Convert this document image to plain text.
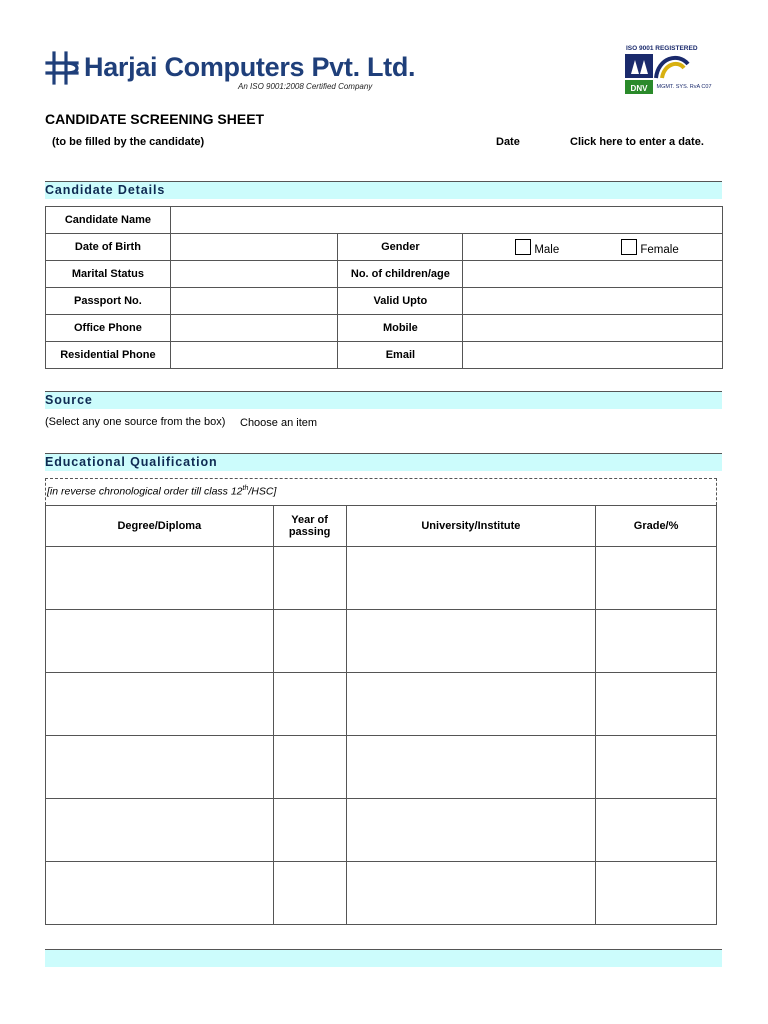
Harjai Computers Pvt. Ltd.
An ISO 9001:2008 Certified Company
ISO 9001 REGISTERED
DNV MGMT. SYS. RvA C07
CANDIDATE SCREENING SHEET
(to be filled by the candidate)	Date	Click here to enter a date.
Candidate Details
Candidate Name			
Date of Birth		Gender	Male Female
Marital Status		No. of children/age	
Passport No.		Valid Upto	
Office Phone		Mobile	
Residential Phone		Email	
Source
(Select any one source from the box) Choose an item
Educational Qualification
[in reverse chronological order till class 12th/HSC]
Degree/Diploma	Year of passing	University/Institute	Grade/%
